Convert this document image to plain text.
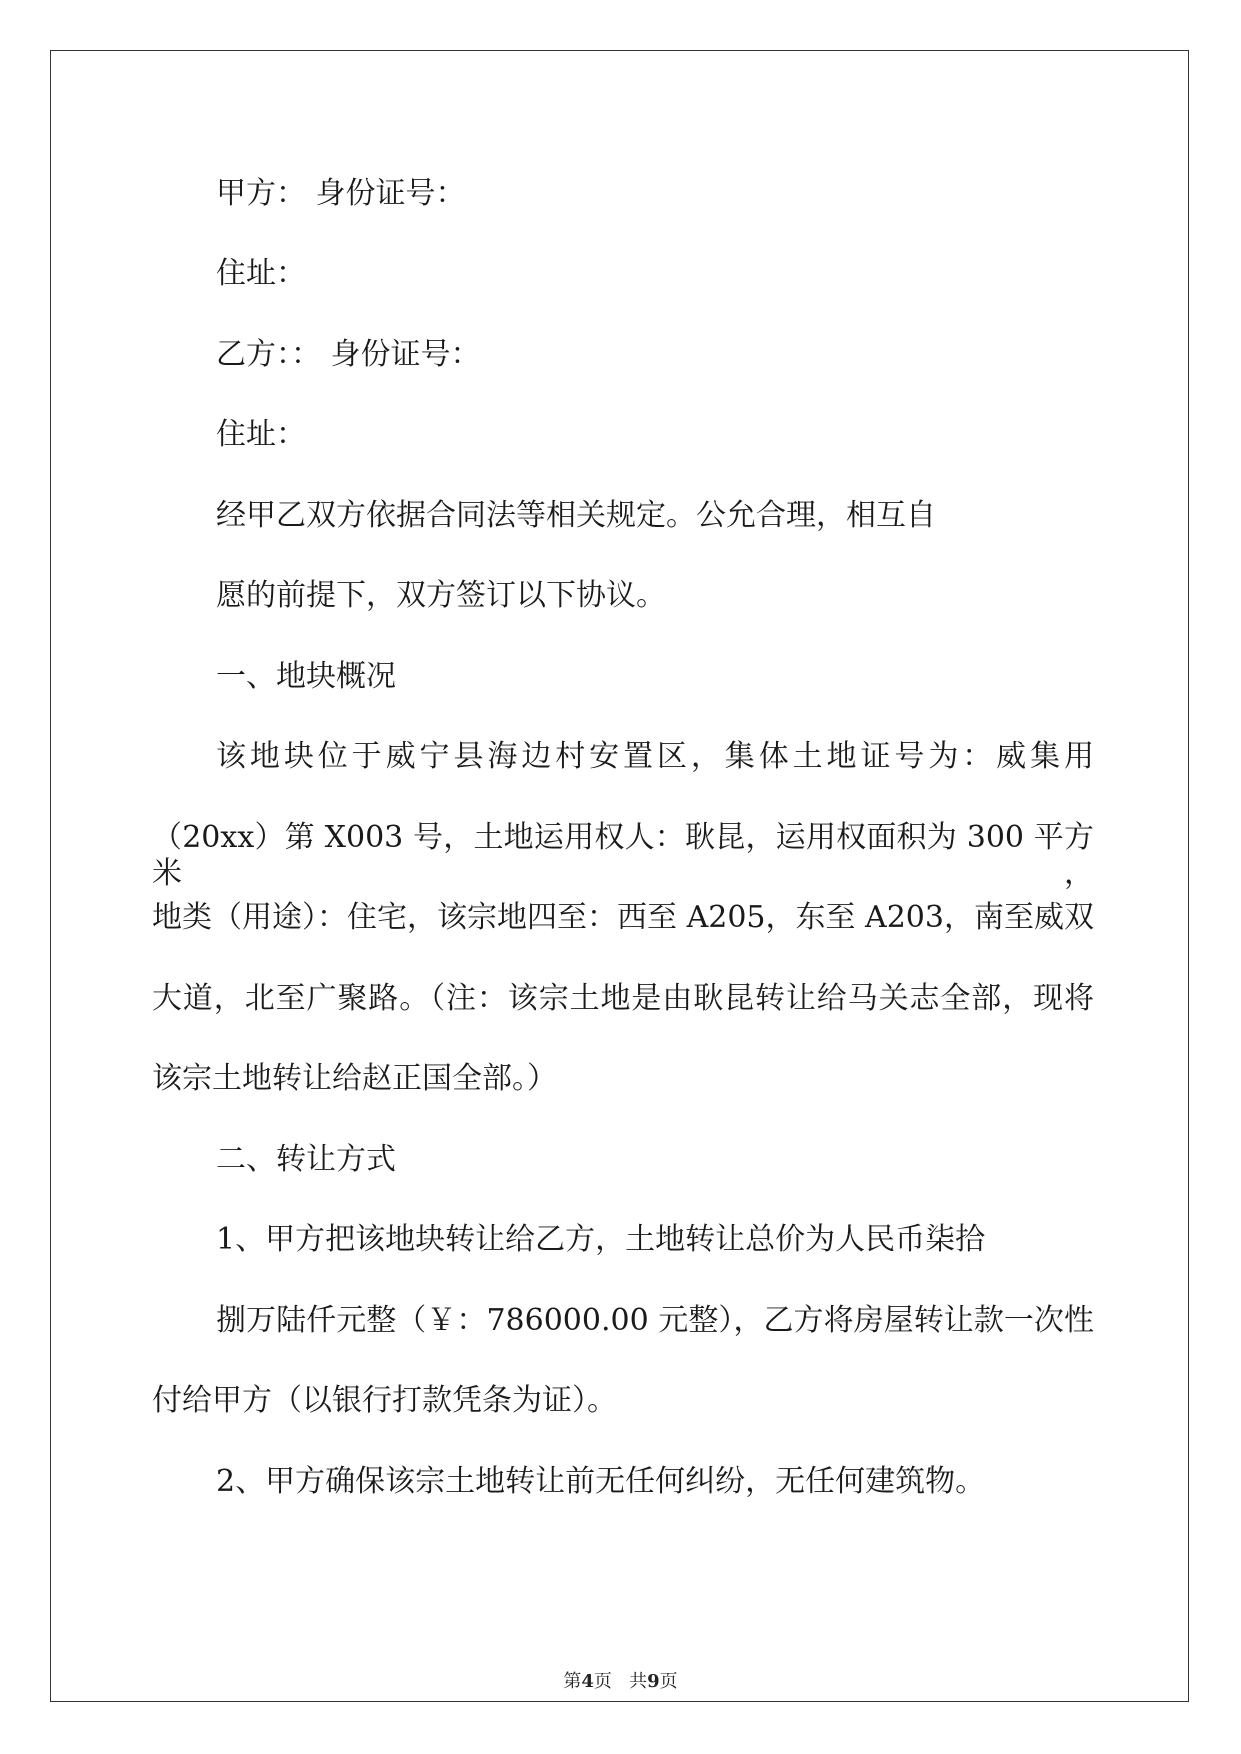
甲方： 身份证号：
住址：
乙方：： 身份证号：
住址：
经甲乙双方依据合同法等相关规定。公允合理，相互自
愿的前提下，双方签订以下协议。
一、地块概况
该地块位于威宁县海边村安置区，集体土地证号为：威集用
（20xx）第 X003 号，土地运用权人：耿昆，运用权面积为 300 平方米，
地类（用途）：住宅，该宗地四至：西至 A205，东至 A203，南至威双
大道，北至广聚路。（注：该宗土地是由耿昆转让给马关志全部，现将
该宗土地转让给赵正国全部。）
二、转让方式
1、甲方把该地块转让给乙方，土地转让总价为人民币柒拾
捌万陆仟元整（￥：786000.00 元整），乙方将房屋转让款一次性
付给甲方（以银行打款凭条为证）。
2、甲方确保该宗土地转让前无任何纠纷，无任何建筑物。
第4页 共9页
